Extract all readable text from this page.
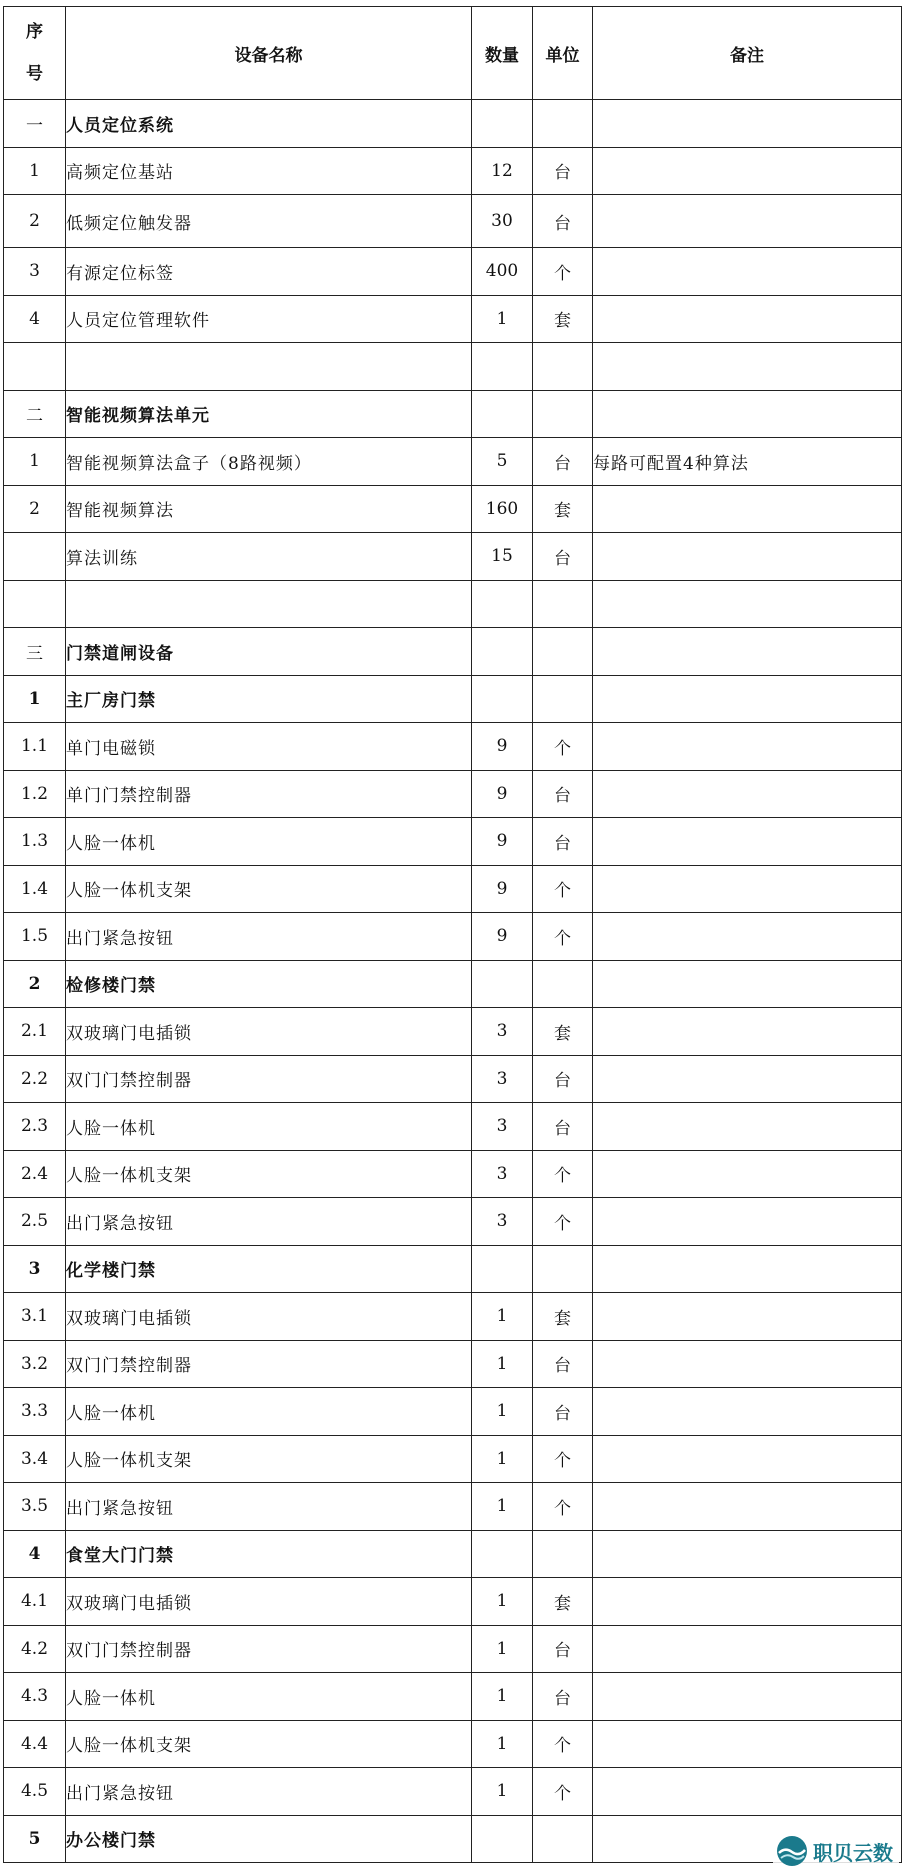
序
号	设备名称	数量	单位	备注
一	人员定位系统			
1	高频定位基站	12	台	
2	低频定位触发器	30	台	
3	有源定位标签	400	个	
4	人员定位管理软件	1	套	

二	智能视频算法单元			
1	智能视频算法盒子（8路视频）	5	台	每路可配置4种算法
2	智能视频算法	160	套	
	算法训练	15	台	

三	门禁道闸设备			
1	主厂房门禁			
1.1	单门电磁锁	9	个	
1.2	单门门禁控制器	9	台	
1.3	人脸一体机	9	台	
1.4	人脸一体机支架	9	个	
1.5	出门紧急按钮	9	个	
2	检修楼门禁			
2.1	双玻璃门电插锁	3	套	
2.2	双门门禁控制器	3	台	
2.3	人脸一体机	3	台	
2.4	人脸一体机支架	3	个	
2.5	出门紧急按钮	3	个	
3	化学楼门禁			
3.1	双玻璃门电插锁	1	套	
3.2	双门门禁控制器	1	台	
3.3	人脸一体机	1	台	
3.4	人脸一体机支架	1	个	
3.5	出门紧急按钮	1	个	
4	食堂大门门禁			
4.1	双玻璃门电插锁	1	套	
4.2	双门门禁控制器	1	台	
4.3	人脸一体机	1	台	
4.4	人脸一体机支架	1	个	
4.5	出门紧急按钮	1	个	
5	办公楼门禁				职贝云数
